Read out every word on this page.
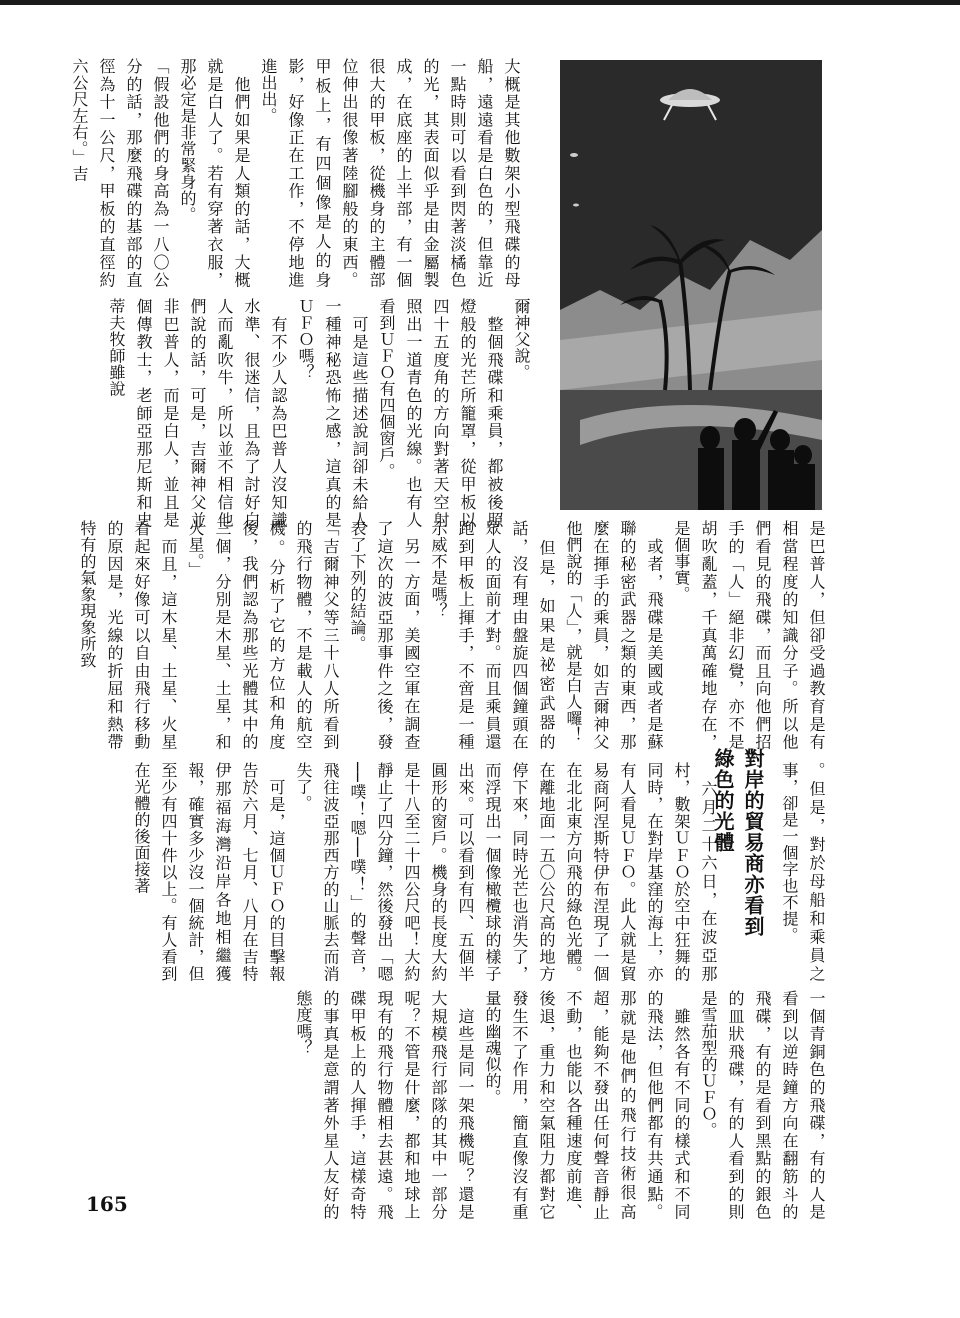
大概是其他數架小型飛碟的母船，遠遠看是白色的，但靠近一點時則可以看到閃著淡橘色的光，其表面似乎是由金屬製成，在底座的上半部，有一個很大的甲板，從機身的主體部位伸出很像著陸腳般的東西。甲板上，有四個像是人的身影，好像正在工作，不停地進進出出。
　他們如果是人類的話，大概就是白人了。若有穿著衣服，那必定是非常緊身的。
「假設他們的身高為一八〇公分的話，那麼飛碟的基部的直徑為十一公尺，甲板的直徑約六公尺左右。」吉
爾神父說。
　整個飛碟和乘員，都被後照燈般的光芒所籠罩，從甲板以四十五度角的方向對著天空射照出一道青色的光線。也有人看到ＵＦＯ有四個窗戶。
　可是這些描述說詞卻未給人一種神秘恐怖之感，這真的是ＵＦＯ嗎？
　有不少人認為巴普人沒知識水準、很迷信，且為了討好白人而亂吹牛，所以並不相信他們說的話，可是，吉爾神父並非巴普人，而是白人，並且是個傳教士，老師亞那尼斯和史蒂夫牧師雖說
是巴普人，但卻受過教育是有相當程度的知識分子。所以他們看見的飛碟，而且向他們招手的「人」絕非幻覺，亦不是胡吹亂蓋，千真萬確地存在，是個事實。
　或者，飛碟是美國或者是蘇聯的秘密武器之類的東西，那麼在揮手的乘員，如吉爾神父他們說的「人」，就是白人囉！
　但是，如果是祕密武器的話，沒有理由盤旋四個鐘頭在眾人的面前才對。而且乘員還跑到甲板上揮手，不啻是一種示威不是嗎？
　另一方面，美國空軍在調查了這次的波亞那事件之後，發表了下列的結論。
「吉爾神父等三十八人所看到的飛行物體，不是載人的航空機。分析了它的方位和角度後，我們認為那些光體其中的三個，分別是木星、土星，和火星。」
　而且，這木星、土星、火星看起來好像可以自由飛行移動的原因是，光線的折屈和熱帶特有的氣象現象所致
對岸的貿易商亦看到
綠色的光體	。但是，對於母船和乘員之事，卻是一個字也不提。

　六月二十六日，在波亞那村，數架ＵＦＯ於空中狂舞的同時，在對岸基窪的海上，亦有人看見ＵＦＯ。此人就是貿易商阿涅斯特伊布涅現了一個在北北東方向飛的綠色光體。在離地面一五〇公尺高的地方停下來，同時光芒也消失了，而浮現出一個像橄欖球的樣子出來。可以看到有四、五個半圓形的窗戶。機身的長度大約是十八至二十四公尺吧！大約靜止了四分鐘，然後發出「嗯──噗！嗯──噗！」的聲音，飛往波亞那西方的山脈去而消失了。
　可是，這個ＵＦＯ的目擊報告於六月、七月、八月在吉特伊那福海灣沿岸各地相繼獲報，確實多少沒一個統計，但至少有四十件以上。有人看到在光體的後面接著
一個青銅色的飛碟，有的人是看到以逆時鐘方向在翻筋斗的飛碟，有的是看到黑點的銀色的皿狀飛碟，有的人看到的則是雪茄型的ＵＦＯ。
　雖然各有不同的樣式和不同的飛法，但他們都有共通點。那就是他們的飛行技術很高超，能夠不發出任何聲音靜止不動，也能以各種速度前進、後退，重力和空氣阻力都對它發生不了作用，簡直像沒有重量的幽魂似的。
　這些是同一架飛機呢？還是大規模飛行部隊的其中一部分呢？不管是什麼，都和地球上現有的飛行物體相去甚遠。飛碟甲板上的人揮手，這樣奇特的事真是意謂著外星人友好的態度嗎？
165
